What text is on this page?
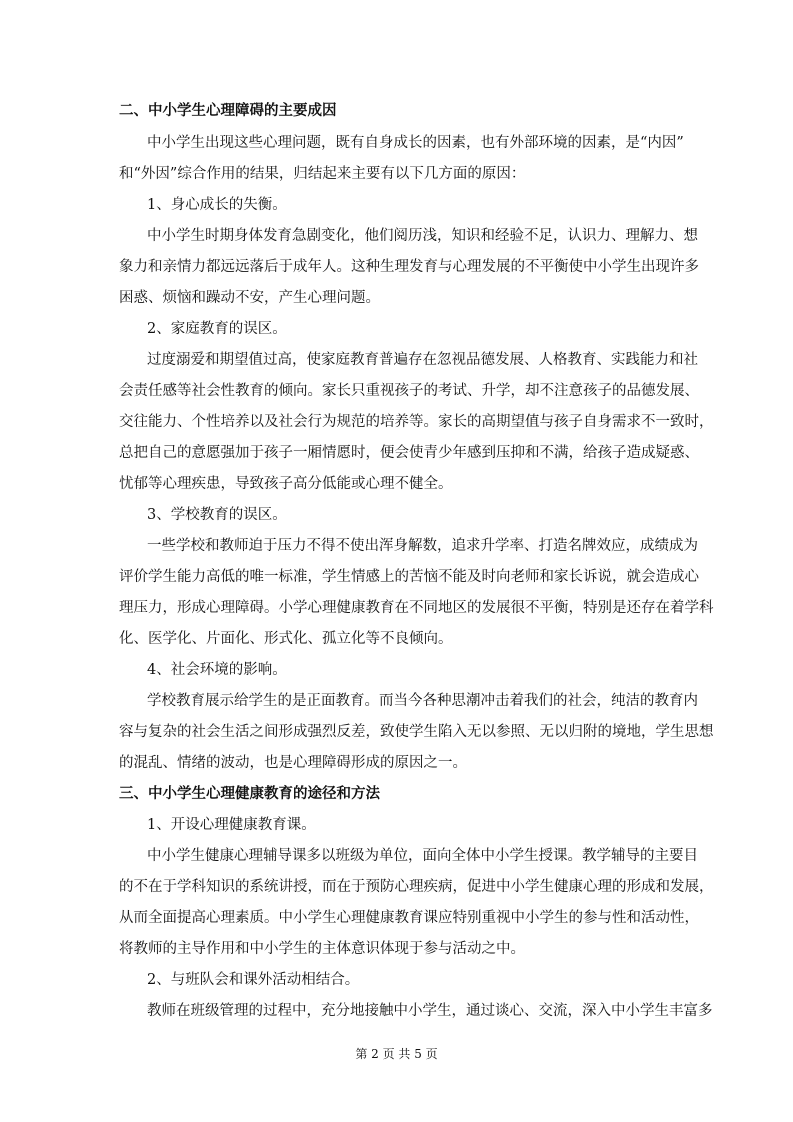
二、中小学生心理障碍的主要成因
中小学生出现这些心理问题，既有自身成长的因素，也有外部环境的因素，是“内因”
和“外因”综合作用的结果，归结起来主要有以下几方面的原因：
1、身心成长的失衡。
中小学生时期身体发育急剧变化，他们阅历浅，知识和经验不足，认识力、理解力、想
象力和亲情力都远远落后于成年人。这种生理发育与心理发展的不平衡使中小学生出现许多
困惑、烦恼和躁动不安，产生心理问题。
2、家庭教育的误区。
过度溺爱和期望值过高，使家庭教育普遍存在忽视品德发展、人格教育、实践能力和社
会责任感等社会性教育的倾向。家长只重视孩子的考试、升学，却不注意孩子的品德发展、
交往能力、个性培养以及社会行为规范的培养等。家长的高期望值与孩子自身需求不一致时，
总把自己的意愿强加于孩子一厢情愿时，便会使青少年感到压抑和不满，给孩子造成疑惑、
忧郁等心理疾患，导致孩子高分低能或心理不健全。
3、学校教育的误区。
一些学校和教师迫于压力不得不使出浑身解数，追求升学率、打造名牌效应，成绩成为
评价学生能力高低的唯一标准，学生情感上的苦恼不能及时向老师和家长诉说，就会造成心
理压力，形成心理障碍。小学心理健康教育在不同地区的发展很不平衡，特别是还存在着学科
化、医学化、片面化、形式化、孤立化等不良倾向。
4、社会环境的影响。
学校教育展示给学生的是正面教育。而当今各种思潮冲击着我们的社会，纯洁的教育内
容与复杂的社会生活之间形成强烈反差，致使学生陷入无以参照、无以归附的境地，学生思想
的混乱、情绪的波动，也是心理障碍形成的原因之一。
三、中小学生心理健康教育的途径和方法
1、开设心理健康教育课。
中小学生健康心理辅导课多以班级为单位，面向全体中小学生授课。教学辅导的主要目
的不在于学科知识的系统讲授，而在于预防心理疾病，促进中小学生健康心理的形成和发展，
从而全面提高心理素质。中小学生心理健康教育课应特别重视中小学生的参与性和活动性，
将教师的主导作用和中小学生的主体意识体现于参与活动之中。
2、与班队会和课外活动相结合。
教师在班级管理的过程中，充分地接触中小学生，通过谈心、交流，深入中小学生丰富多
第 2 页 共 5 页
